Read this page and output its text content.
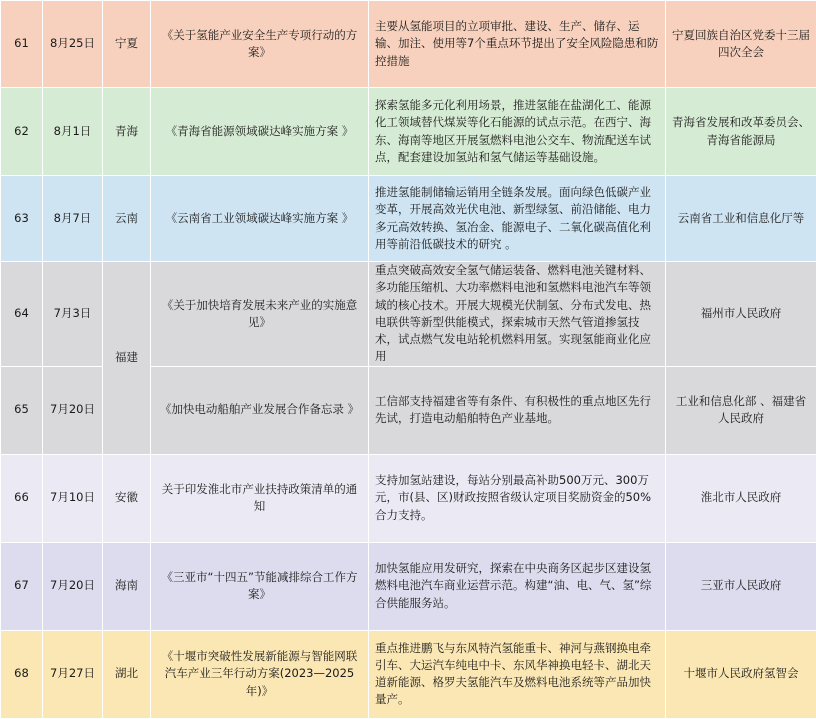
61	8月25日	宁夏	《关于氢能产业安全生产专项行动的方案》	主要从氢能项目的立项审批、建设、生产、储存、运输、加注、使用等7个重点环节提出了安全风险隐患和防控措施	宁夏回族自治区党委十三届四次全会
62	8月1日	青海	《青海省能源领域碳达峰实施方案 》	探索氢能多元化利用场景，推进氢能在盐湖化工、能源化工领域替代煤炭等化石能源的试点示范。在西宁、海东、海南等地区开展氢燃料电池公交车、物流配送车试点，配套建设加氢站和氢气储运等基础设施。	青海省发展和改革委员会、青海省能源局
63	8月7日	云南	《云南省工业领域碳达峰实施方案 》	推进氢能制储输运销用全链条发展。面向绿色低碳产业变革，开展高效光伏电池、新型绿氢、前沿储能、电力多元高效转换、氢冶金、能源电子、二氧化碳高值化利用等前沿低碳技术的研究 。	云南省工业和信息化厅等
64	7月3日	福建	《关于加快培育发展未来产业的实施意见》	重点突破高效安全氢气储运装备、燃料电池关键材料、多功能压缩机、大功率燃料电池和氢燃料电池汽车等领域的核心技术。开展大规模光伏制氢、分布式发电、热电联供等新型供能模式，探索城市天然气管道掺氢技术，试点燃气发电站轮机燃料用氢。实现氢能商业化应用	福州市人民政府
65	7月20日		《加快电动船舶产业发展合作备忘录 》	工信部支持福建省等有条件、有积极性的重点地区先行先试，打造电动船舶特色产业基地。	工业和信息化部 、福建省人民政府
66	7月10日	安徽	关于印发淮北市产业扶持政策清单的通知	支持加氢站建设，每站分别最高补助500万元、300万元，市(县、区)财政按照省级认定项目奖励资金的50%合力支持。	淮北市人民政府
67	7月20日	海南	《三亚市“十四五”节能减排综合工作方案》	加快氢能应用发研究，探索在中央商务区起步区建设氢燃料电池汽车商业运营示范。构建“油、电、气、氢”综合供能服务站。	三亚市人民政府
68	7月27日	湖北	《十堰市突破性发展新能源与智能网联汽车产业三年行动方案(2023—2025年)》	重点推进鹏飞与东风特汽氢能重卡、神河与燕钢换电牵引车、大运汽车纯电中卡、东风华神换电轻卡、湖北天道新能源、格罗夫氢能汽车及燃料电池系统等产品加快量产。	十堰市人民政府氢智会
